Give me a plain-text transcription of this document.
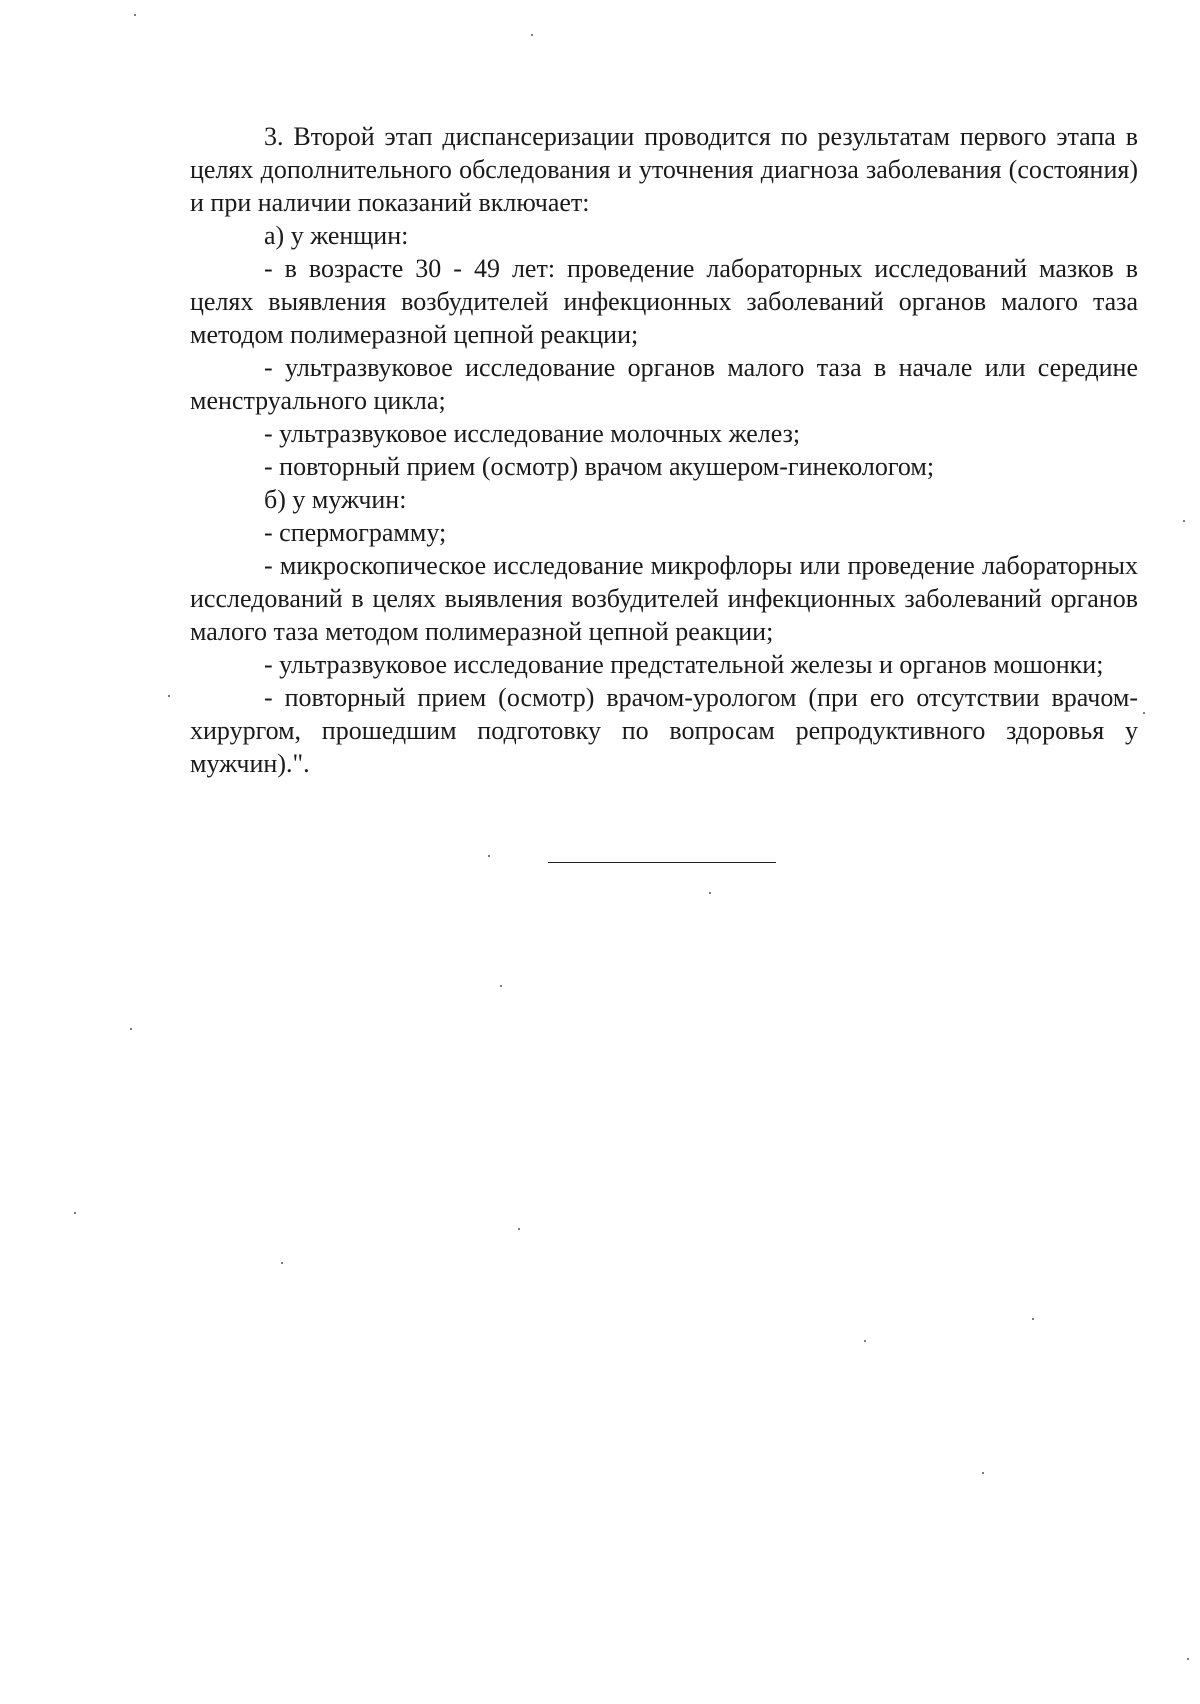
3. Второй этап диспансеризации проводится по результатам первого этапа в целях дополнительного обследования и уточнения диагноза заболевания (состояния) и при наличии показаний включает:

а) у женщин:

- в возрасте 30 - 49 лет: проведение лабораторных исследований мазков в целях выявления возбудителей инфекционных заболеваний органов малого таза методом полимеразной цепной реакции;

- ультразвуковое исследование органов малого таза в начале или середине менструального цикла;

- ультразвуковое исследование молочных желез;

- повторный прием (осмотр) врачом акушером-гинекологом;

б) у мужчин:

- спермограмму;

- микроскопическое исследование микрофлоры или проведение лабораторных исследований в целях выявления возбудителей инфекционных заболеваний органов малого таза методом полимеразной цепной реакции;

- ультразвуковое исследование предстательной железы и органов мошонки;

- повторный прием (осмотр) врачом-урологом (при его отсутствии врачом-хирургом, прошедшим подготовку по вопросам репродуктивного здоровья у мужчин).".
